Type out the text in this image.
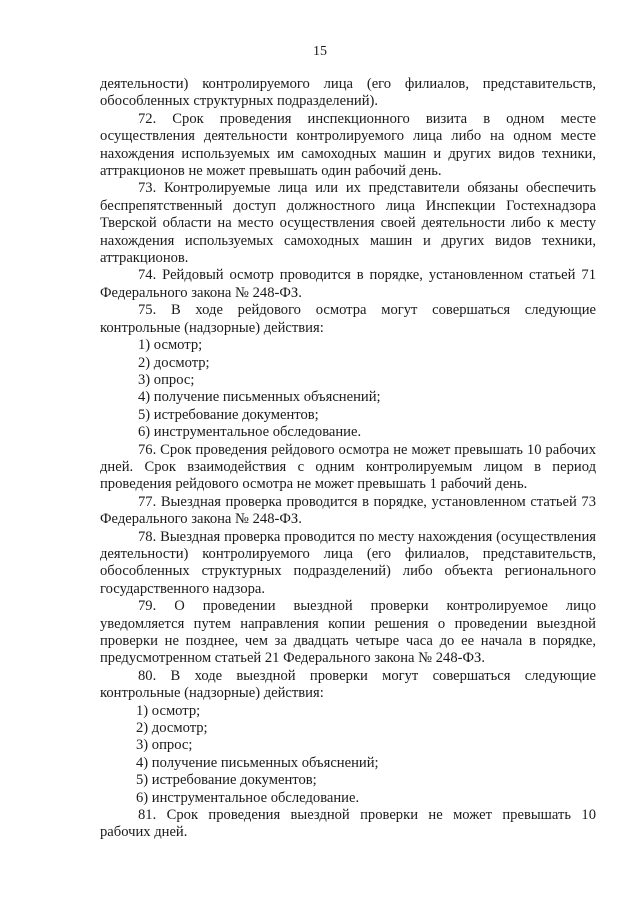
15

деятельности) контролируемого лица (его филиалов, представительств, обособленных структурных подразделений).

72. Срок проведения инспекционного визита в одном месте осуществления деятельности контролируемого лица либо на одном месте нахождения используемых им самоходных машин и других видов техники, аттракционов не может превышать один рабочий день.

73. Контролируемые лица или их представители обязаны обеспечить беспрепятственный доступ должностного лица Инспекции Гостехнадзора Тверской области на место осуществления своей деятельности либо к месту нахождения используемых самоходных машин и других видов техники, аттракционов.

74. Рейдовый осмотр проводится в порядке, установленном статьей 71 Федерального закона № 248-ФЗ.

75. В ходе рейдового осмотра могут совершаться следующие контрольные (надзорные) действия:

1) осмотр;

2) досмотр;

3) опрос;

4) получение письменных объяснений;

5) истребование документов;

6) инструментальное обследование.

76. Срок проведения рейдового осмотра не может превышать 10 рабочих дней. Срок взаимодействия с одним контролируемым лицом в период проведения рейдового осмотра не может превышать 1 рабочий день.

77. Выездная проверка проводится в порядке, установленном статьей 73 Федерального закона № 248-ФЗ.

78. Выездная проверка проводится по месту нахождения (осуществления деятельности) контролируемого лица (его филиалов, представительств, обособленных структурных подразделений) либо объекта регионального государственного надзора.

79. О проведении выездной проверки контролируемое лицо уведомляется путем направления копии решения о проведении выездной проверки не позднее, чем за двадцать четыре часа до ее начала в порядке, предусмотренном статьей 21 Федерального закона № 248-ФЗ.

80. В ходе выездной проверки могут совершаться следующие контрольные (надзорные) действия:

1) осмотр;

2) досмотр;

3) опрос;

4) получение письменных объяснений;

5) истребование документов;

6) инструментальное обследование.

81. Срок проведения выездной проверки не может превышать 10 рабочих дней.
